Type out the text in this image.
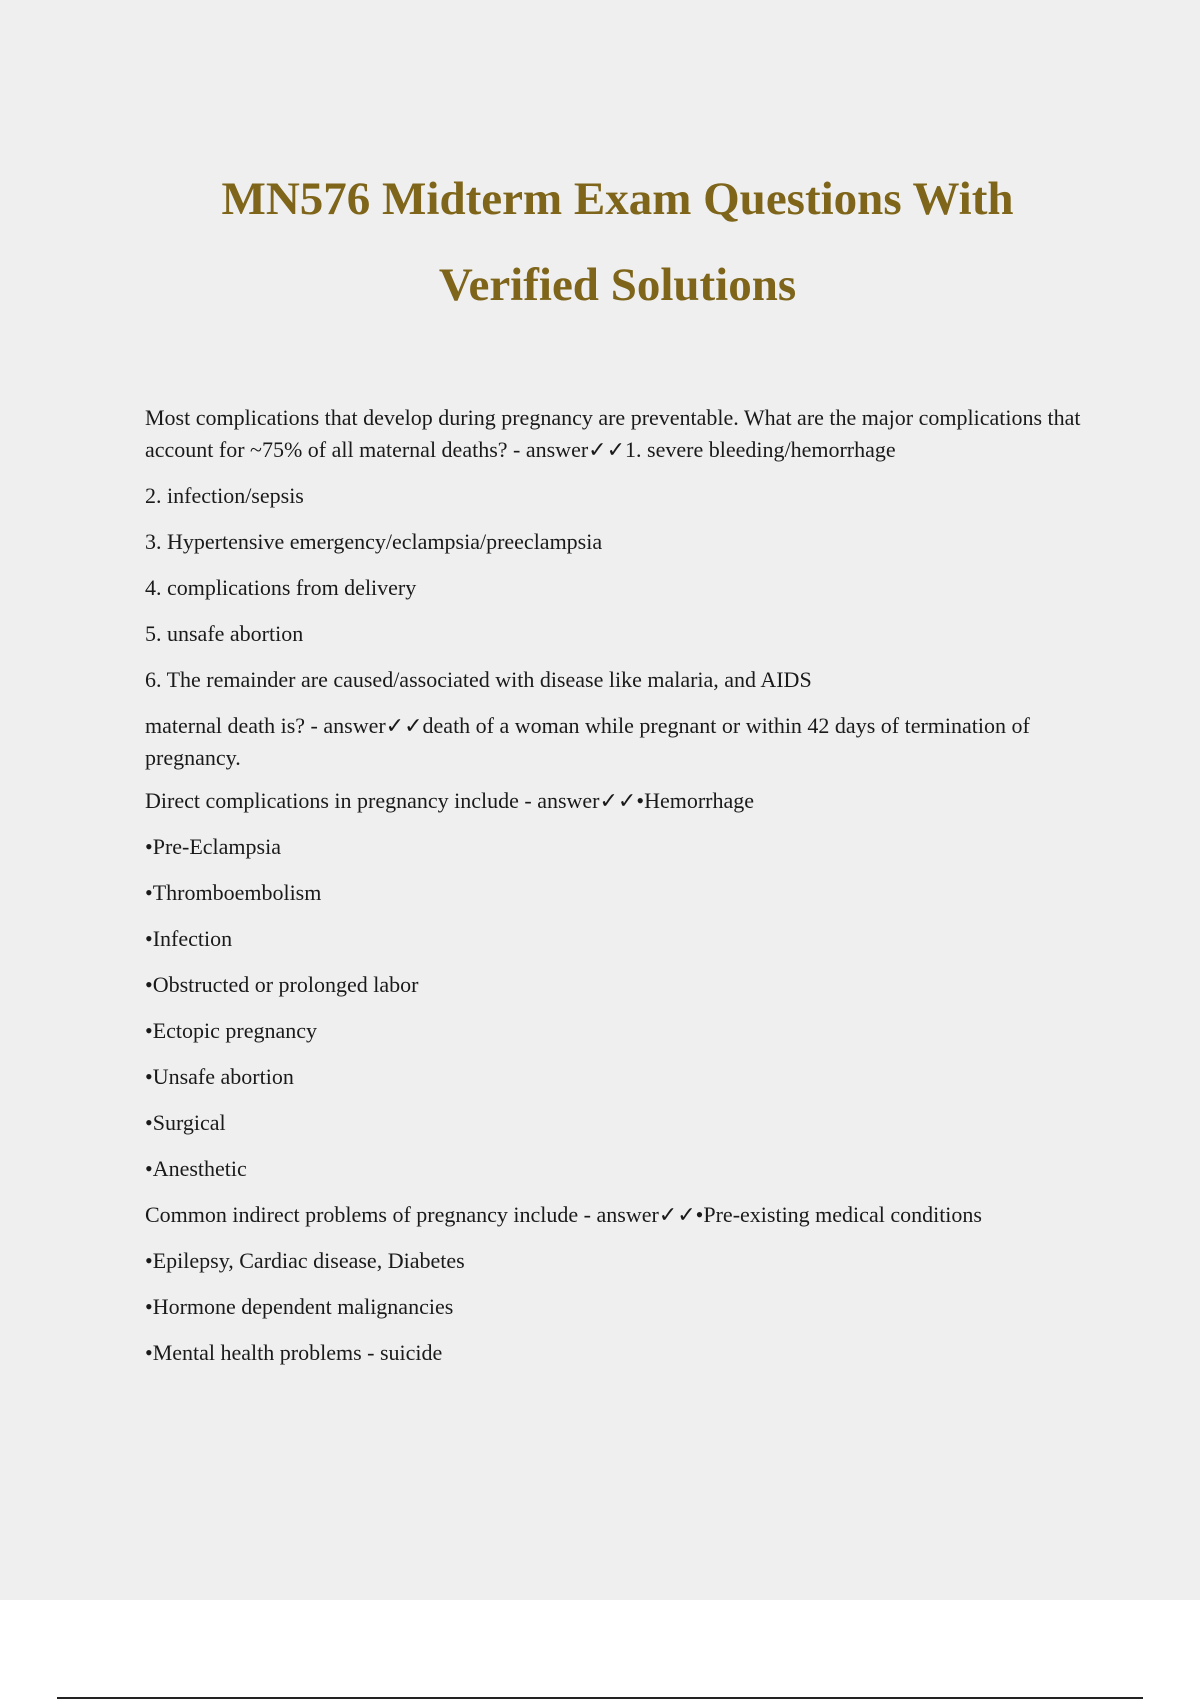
MN576 Midterm Exam Questions With
Verified Solutions

Most complications that develop during pregnancy are preventable. What are the major complications that account for ~75% of all maternal deaths? - answer✓✓1. severe bleeding/hemorrhage

2. infection/sepsis

3. Hypertensive emergency/eclampsia/preeclampsia

4. complications from delivery

5. unsafe abortion

6. The remainder are caused/associated with disease like malaria, and AIDS

maternal death is? - answer✓✓death of a woman while pregnant or within 42 days of termination of pregnancy.

Direct complications in pregnancy include - answer✓✓•Hemorrhage

•Pre-Eclampsia

•Thromboembolism

•Infection

•Obstructed or prolonged labor

•Ectopic pregnancy

•Unsafe abortion

•Surgical

•Anesthetic

Common indirect problems of pregnancy include - answer✓✓•Pre-existing medical conditions

•Epilepsy, Cardiac disease, Diabetes

•Hormone dependent malignancies

•Mental health problems - suicide
